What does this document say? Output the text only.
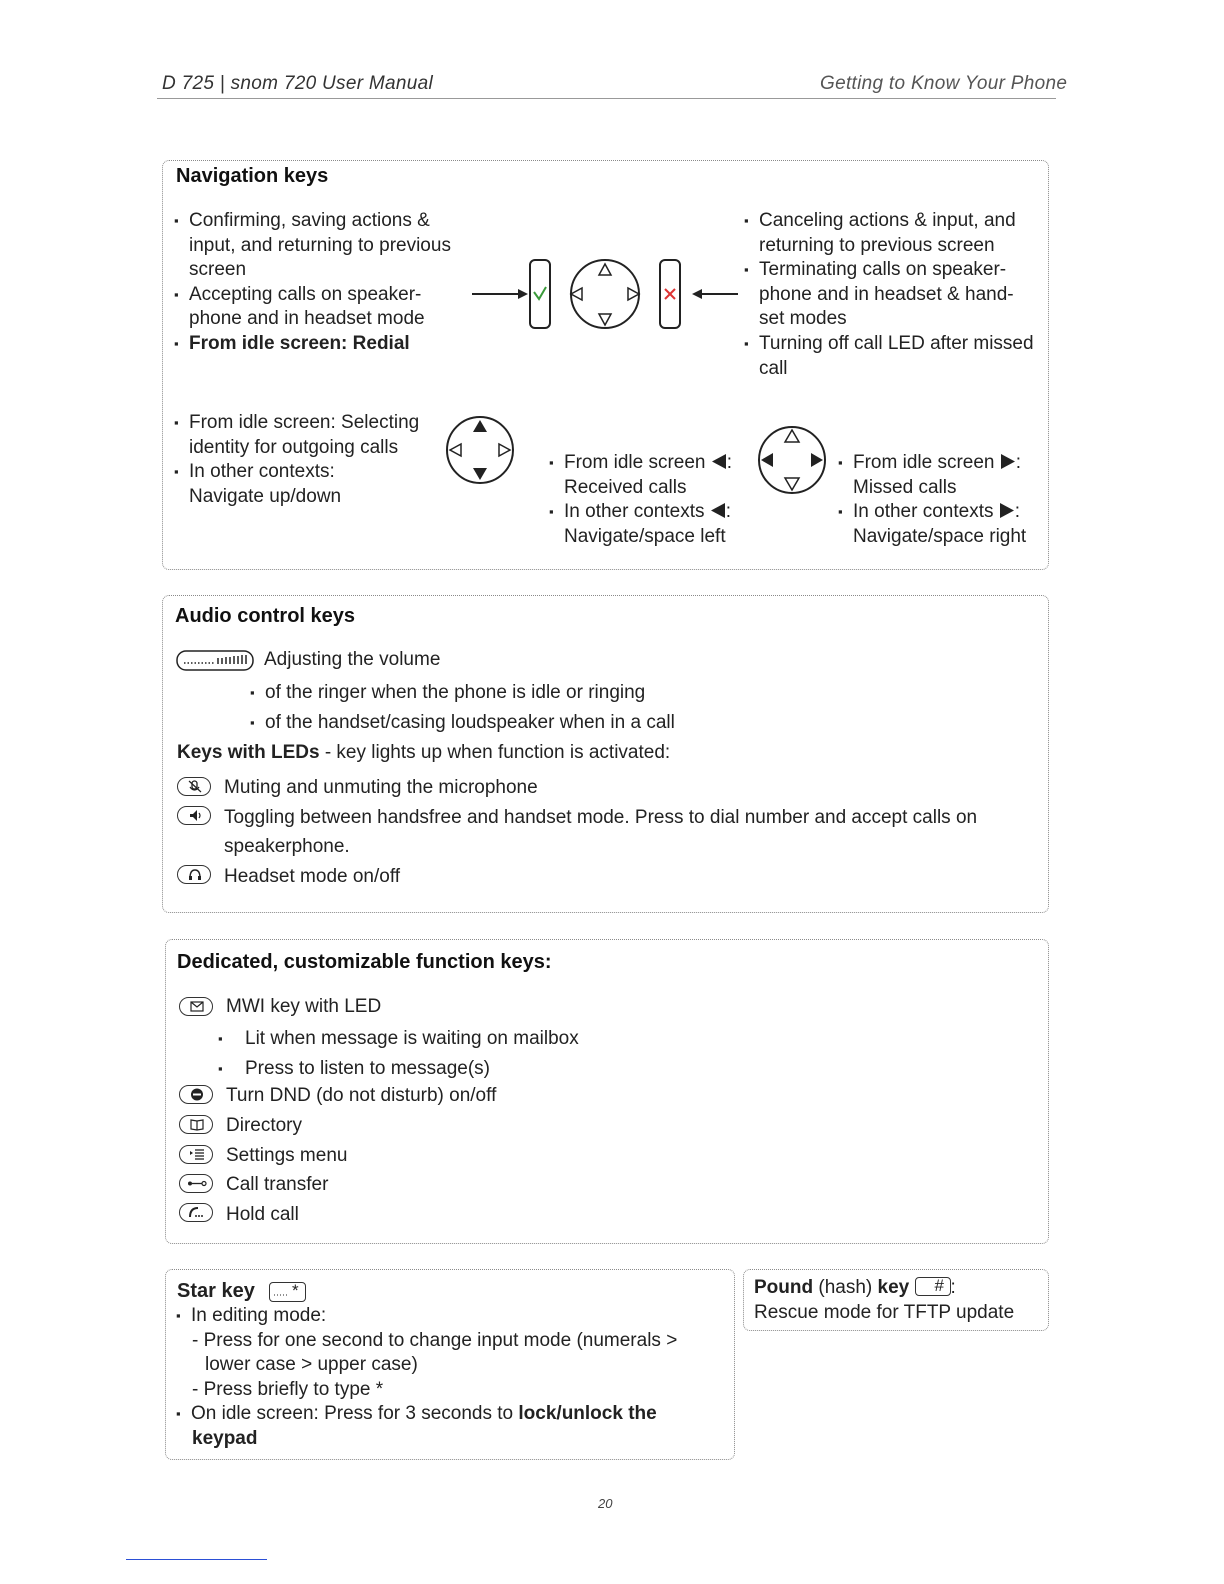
D 725 | snom 720 User Manual	Getting to Know Your Phone
Navigation keys
▪ Confirming, saving actions & input, and returning to previous screen
▪ Accepting calls on speaker-phone and in headset mode
▪ From idle screen: Redial
▪ Canceling actions & input, and returning to previous screen
▪ Terminating calls on speaker-phone and in headset & hand-set modes
▪ Turning off call LED after missed call
▪ From idle screen: Selecting identity for outgoing calls
▪ In other contexts:
Navigate up/down
▪ From idle screen :
Received calls
▪ In other contexts :
Navigate/space left
▪ From idle screen :
Missed calls
▪ In other contexts :
Navigate/space right
Audio control keys
Adjusting the volume
▪ of the ringer when the phone is idle or ringing
▪ of the handset/casing loudspeaker when in a call
Keys with LEDs - key lights up when function is activated:
Muting and unmuting the microphone
Toggling between handsfree and handset mode. Press to dial number and accept calls on
speakerphone.
Headset mode on/off
Dedicated, customizable function keys:
MWI key with LED
▪ Lit when message is waiting on mailbox
▪ Press to listen to message(s)
Turn DND (do not disturb) on/off
Directory
Settings menu
Call transfer
Hold call
Star key *
▪ In editing mode:
- Press for one second to change input mode (numerals >
lower case > upper case)
- Press briefly to type *
▪ On idle screen: Press for 3 seconds to lock/unlock the
keypad
Pound (hash) key # :
Rescue mode for TFTP update
20
